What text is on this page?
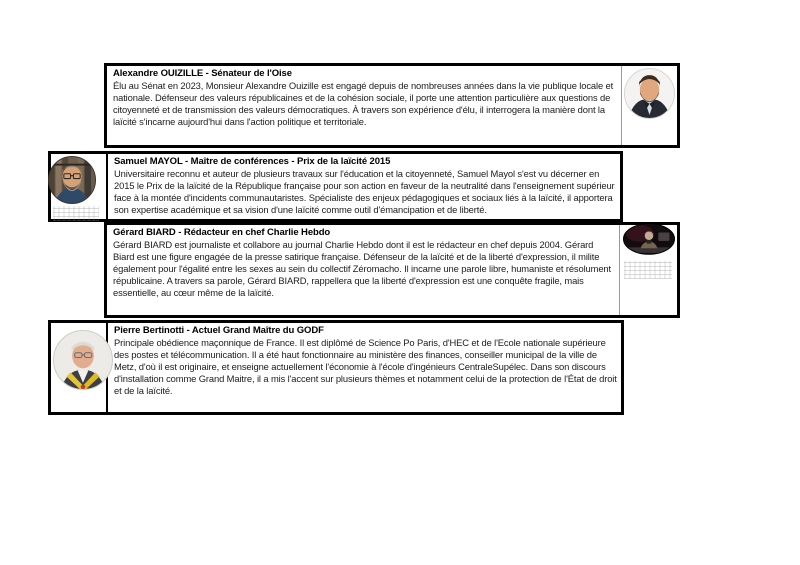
Alexandre OUIZILLE - Sénateur de l'Oise
Élu au Sénat en 2023, Monsieur Alexandre Ouizille est engagé depuis de nombreuses années dans la vie publique locale et nationale. Défenseur des valeurs républicaines et de la cohésion sociale, il porte une attention particulière aux questions de citoyenneté et de transmission des valeurs démocratiques. À travers son expérience d'élu, il interrogera la manière dont la laïcité s'incarne aujourd'hui dans l'action politique et territoriale.
Samuel MAYOL - Maître de conférences - Prix de la laïcité 2015
Universitaire reconnu et auteur de plusieurs travaux sur l'éducation et la citoyenneté, Samuel Mayol s'est vu décerner en 2015 le Prix de la laïcité de la République française pour son action en faveur de la neutralité dans l'enseignement supérieur face à la montée d'incidents communautaristes. Spécialiste des enjeux pédagogiques et sociaux liés à la laïcité, il apportera son expertise académique et sa vision d'une laïcité comme outil d'émancipation et de liberté.
Gérard BIARD - Rédacteur en chef Charlie Hebdo
Gérard BIARD est journaliste et collabore au journal Charlie Hebdo dont il est le rédacteur en chef depuis 2004. Gérard Biard est une figure engagée de la presse satirique française. Défenseur de la laïcité et de la liberté d'expression, il milite également pour l'égalité entre les sexes au sein du collectif Zéromacho. Il incarne une parole libre, humaniste et résolument républicaine. A travers sa parole, Gérard BIARD, rappellera que la liberté d'expression est une conquête fragile, mais essentielle, au cœur même de la laïcité.
Pierre Bertinotti - Actuel Grand Maître du GODF
Principale obédience maçonnique de France. Il est diplômé de Science Po Paris, d'HEC et de l'Ecole nationale supérieure des postes et télécommunication. Il a été haut fonctionnaire au ministère des finances, conseiller municipal de la ville de Metz, d'où il est originaire, et enseigne actuellement l'économie à l'école d'ingénieurs CentraleSupélec. Dans son discours d'installation comme Grand Maitre, il a mis l'accent sur plusieurs thèmes et notamment celui de la protection de l'État de droit et de la laïcité.
